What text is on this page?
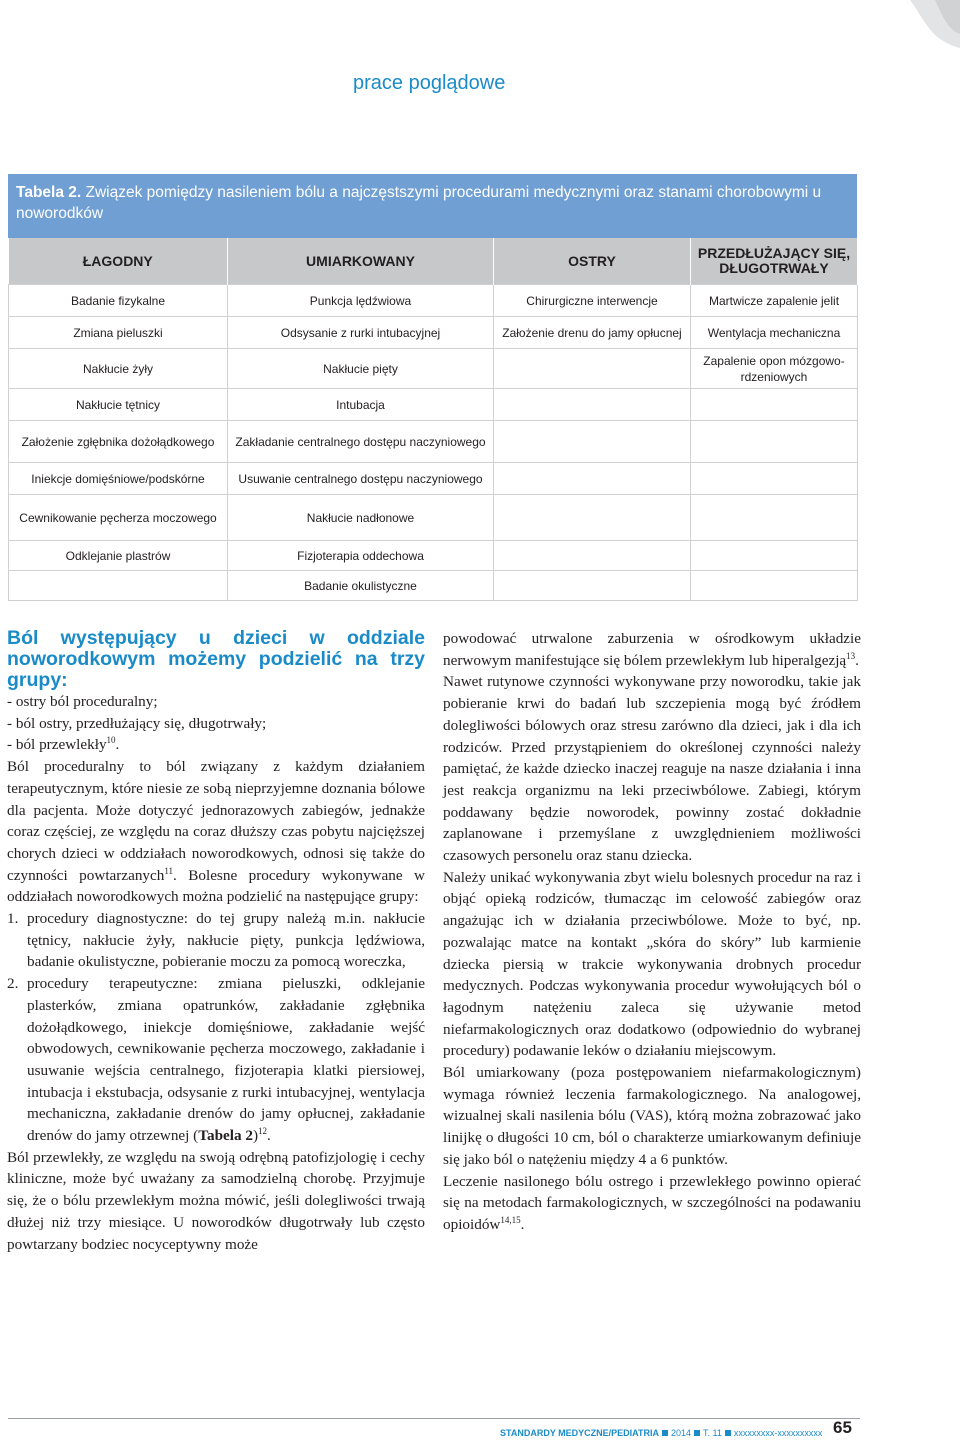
prace poglądowe
Tabela 2. Związek pomiędzy nasileniem bólu a najczęstszymi procedurami medycznymi oraz stanami chorobowymi u noworodków
ŁAGODNY	UMIARKOWANY	OSTRY	PRZEDŁUŻAJĄCY SIĘ, DŁUGOTRWAŁY
Badanie fizykalne	Punkcja lędźwiowa	Chirurgiczne interwencje	Martwicze zapalenie jelit
Zmiana pieluszki	Odsysanie z rurki intubacyjnej	Założenie drenu do jamy opłucnej	Wentylacja mechaniczna
Nakłucie żyły	Nakłucie pięty		Zapalenie opon mózgowo-rdzeniowych
Nakłucie tętnicy	Intubacja		
Założenie zgłębnika dożołądkowego	Zakładanie centralnego dostępu naczyniowego		
Iniekcje domięśniowe/podskórne	Usuwanie centralnego dostępu naczyniowego		
Cewnikowanie pęcherza moczowego	Nakłucie nadłonowe		
Odklejanie plastrów	Fizjoterapia oddechowa		
	Badanie okulistyczne		

Ból występujący u dzieci w oddziale noworodkowym możemy podzielić na trzy grupy:

- ostry ból proceduralny;
- ból ostry, przedłużający się, długotrwały;
- ból przewlekły$^{10}$.

Ból proceduralny to ból związany z każdym działaniem terapeutycznym, które niesie ze sobą nieprzyjemne doznania bólowe dla pacjenta. Może dotyczyć jednorazowych zabiegów, jednakże coraz częściej, ze względu na coraz dłuższy czas pobytu najcięższej chorych dzieci w oddziałach noworodkowych, odnosi się także do czynności powtarzanych$^{11}$. Bolesne procedury wykonywane w oddziałach noworodkowych można podzielić na następujące grupy:

1. procedury diagnostyczne: do tej grupy należą m.in. nakłucie tętnicy, nakłucie żyły, nakłucie pięty, punkcja lędźwiowa, badanie okulistyczne, pobieranie moczu za pomocą woreczka,
2. procedury terapeutyczne: zmiana pieluszki, odklejanie plasterków, zmiana opatrunków, zakładanie zgłębnika dożołądkowego, iniekcje domięśniowe, zakładanie wejść obwodowych, cewnikowanie pęcherza moczowego, zakładanie i usuwanie wejścia centralnego, fizjoterapia klatki piersiowej, intubacja i ekstubacja, odsysanie z rurki intubacyjnej, wentylacja mechaniczna, zakładanie drenów do jamy opłucnej, zakładanie drenów do jamy otrzewnej (Tabela 2)$^{12}$.

Ból przewlekły, ze względu na swoją odrębną patofizjologię i cechy kliniczne, może być uważany za samodzielną chorobę. Przyjmuje się, że o bólu przewlekłym można mówić, jeśli dolegliwości trwają dłużej niż trzy miesiące. U noworodków długotrwały lub często powtarzany bodziec nocyceptywny może

powodować utrwalone zaburzenia w ośrodkowym układzie nerwowym manifestujące się bólem przewlekłym lub hiperalgezją$^{13}$.

Nawet rutynowe czynności wykonywane przy noworodku, takie jak pobieranie krwi do badań lub szczepienia mogą być źródłem dolegliwości bólowych oraz stresu zarówno dla dzieci, jak i dla ich rodziców. Przed przystąpieniem do określonej czynności należy pamiętać, że każde dziecko inaczej reaguje na nasze działania i inna jest reakcja organizmu na leki przeciwbólowe. Zabiegi, którym poddawany będzie noworodek, powinny zostać dokładnie zaplanowane i przemyślane z uwzględnieniem możliwości czasowych personelu oraz stanu dziecka.

Należy unikać wykonywania zbyt wielu bolesnych procedur na raz i objąć opieką rodziców, tłumacząc im celowość zabiegów oraz angażując ich w działania przeciwbólowe. Może to być, np. pozwalając matce na kontakt „skóra do skóry” lub karmienie dziecka piersią w trakcie wykonywania drobnych procedur medycznych. Podczas wykonywania procedur wywołujących ból o łagodnym natężeniu zaleca się używanie metod niefarmakologicznych oraz dodatkowo (odpowiednio do wybranej procedury) podawanie leków o działaniu miejscowym.

Ból umiarkowany (poza postępowaniem niefarmakologicznym) wymaga również leczenia farmakologicznego. Na analogowej, wizualnej skali nasilenia bólu (VAS), którą można zobrazować jako linijkę o długości 10 cm, ból o charakterze umiarkowanym definiuje się jako ból o natężeniu między 4 a 6 punktów.

Leczenie nasilonego bólu ostrego i przewlekłego powinno opierać się na metodach farmakologicznych, w szczególności na podawaniu opioidów$^{14,15}$.

STANDARDY MEDYCZNE/PEDIATRIA 2014 T. 11 xxxxxxxxx-xxxxxxxxxx 65
